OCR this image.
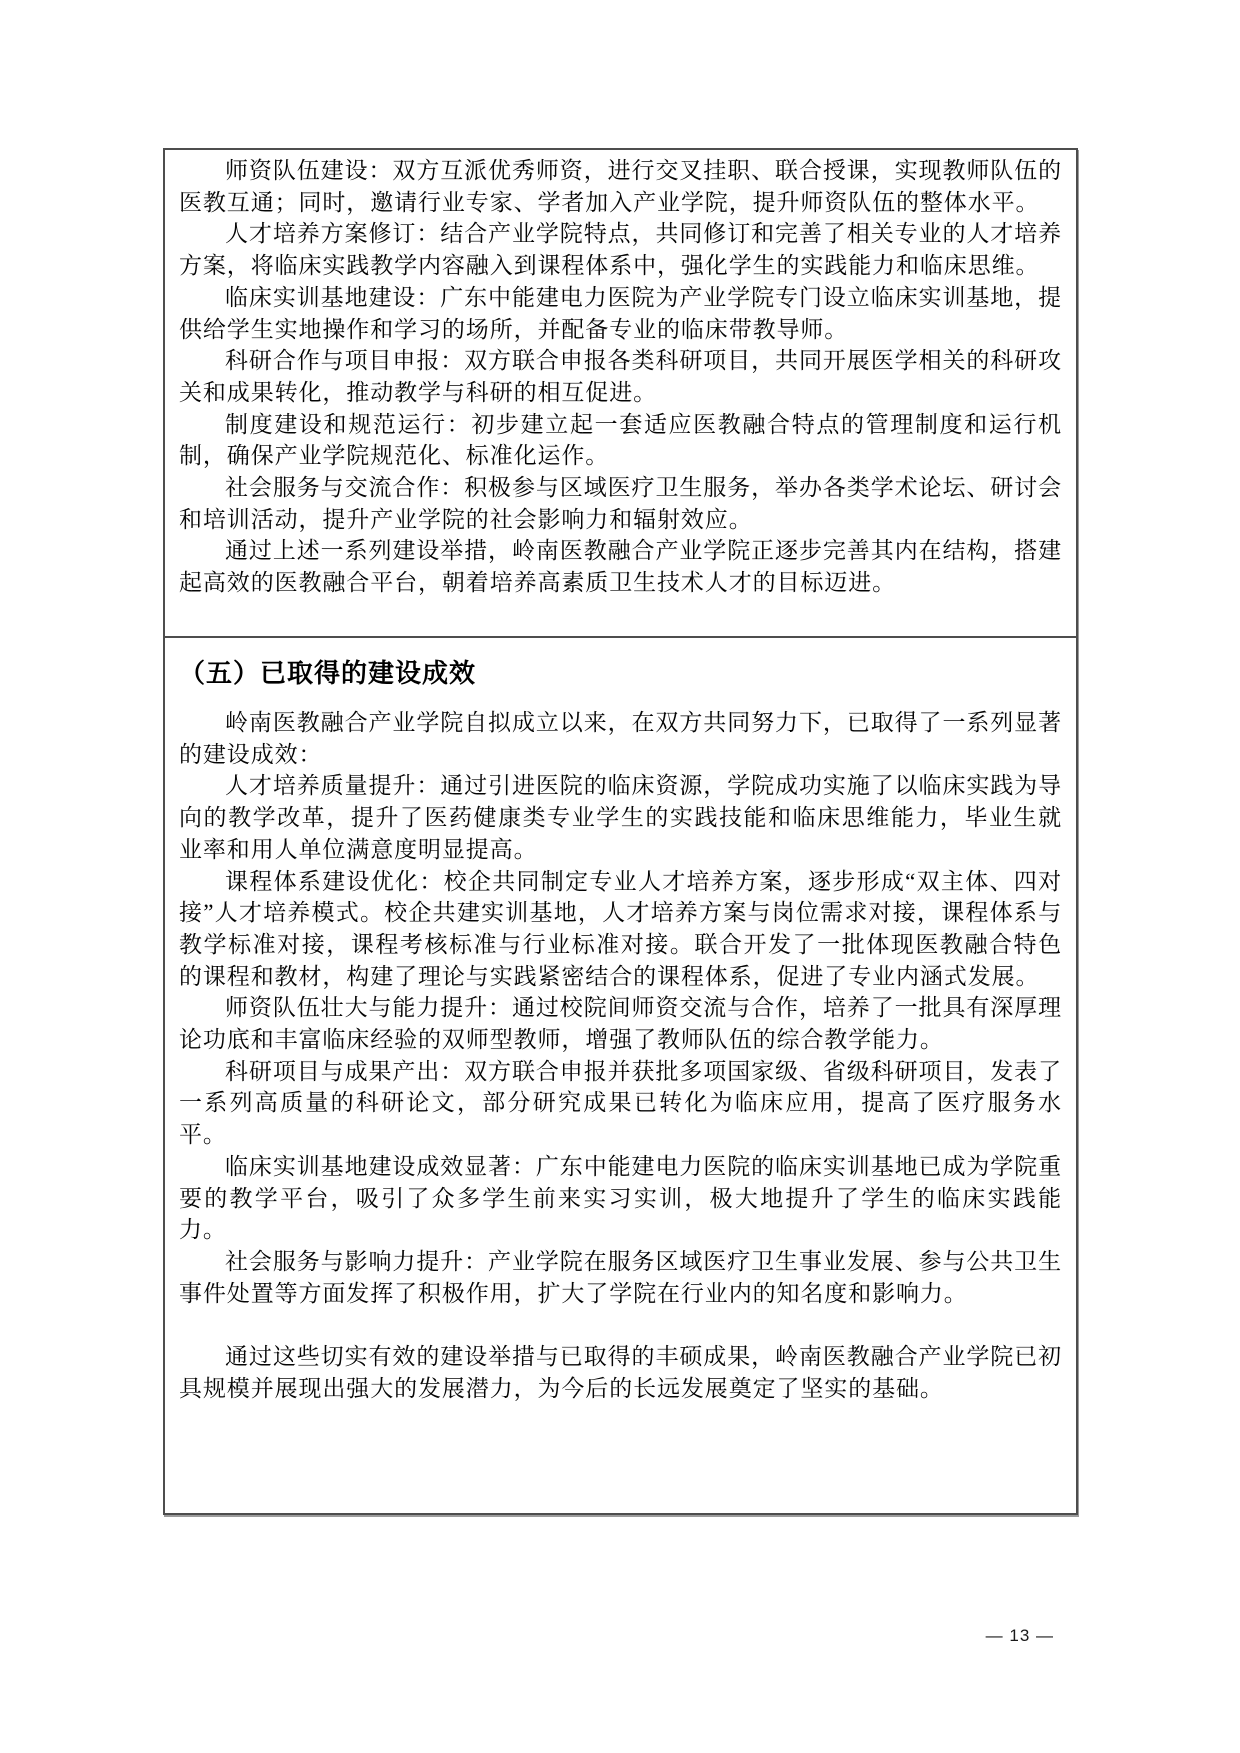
师资队伍建设：双方互派优秀师资，进行交叉挂职、联合授课，实现教师队伍的医教互通；同时，邀请行业专家、学者加入产业学院，提升师资队伍的整体水平。

人才培养方案修订：结合产业学院特点，共同修订和完善了相关专业的人才培养方案，将临床实践教学内容融入到课程体系中，强化学生的实践能力和临床思维。

临床实训基地建设：广东中能建电力医院为产业学院专门设立临床实训基地，提供给学生实地操作和学习的场所，并配备专业的临床带教导师。

科研合作与项目申报：双方联合申报各类科研项目，共同开展医学相关的科研攻关和成果转化，推动教学与科研的相互促进。

制度建设和规范运行：初步建立起一套适应医教融合特点的管理制度和运行机制，确保产业学院规范化、标准化运作。

社会服务与交流合作：积极参与区域医疗卫生服务，举办各类学术论坛、研讨会和培训活动，提升产业学院的社会影响力和辐射效应。

通过上述一系列建设举措，岭南医教融合产业学院正逐步完善其内在结构，搭建起高效的医教融合平台，朝着培养高素质卫生技术人才的目标迈进。

（五）已取得的建设成效

岭南医教融合产业学院自拟成立以来，在双方共同努力下，已取得了一系列显著的建设成效：

人才培养质量提升：通过引进医院的临床资源，学院成功实施了以临床实践为导向的教学改革，提升了医药健康类专业学生的实践技能和临床思维能力，毕业生就业率和用人单位满意度明显提高。

课程体系建设优化：校企共同制定专业人才培养方案，逐步形成“双主体、四对接”人才培养模式。校企共建实训基地，人才培养方案与岗位需求对接，课程体系与教学标准对接，课程考核标准与行业标准对接。联合开发了一批体现医教融合特色的课程和教材，构建了理论与实践紧密结合的课程体系，促进了专业内涵式发展。

师资队伍壮大与能力提升：通过校院间师资交流与合作，培养了一批具有深厚理论功底和丰富临床经验的双师型教师，增强了教师队伍的综合教学能力。

科研项目与成果产出：双方联合申报并获批多项国家级、省级科研项目，发表了一系列高质量的科研论文，部分研究成果已转化为临床应用，提高了医疗服务水平。

临床实训基地建设成效显著：广东中能建电力医院的临床实训基地已成为学院重要的教学平台，吸引了众多学生前来实习实训，极大地提升了学生的临床实践能力。

社会服务与影响力提升：产业学院在服务区域医疗卫生事业发展、参与公共卫生事件处置等方面发挥了积极作用，扩大了学院在行业内的知名度和影响力。

通过这些切实有效的建设举措与已取得的丰硕成果，岭南医教融合产业学院已初具规模并展现出强大的发展潜力，为今后的长远发展奠定了坚实的基础。

— 13 —
